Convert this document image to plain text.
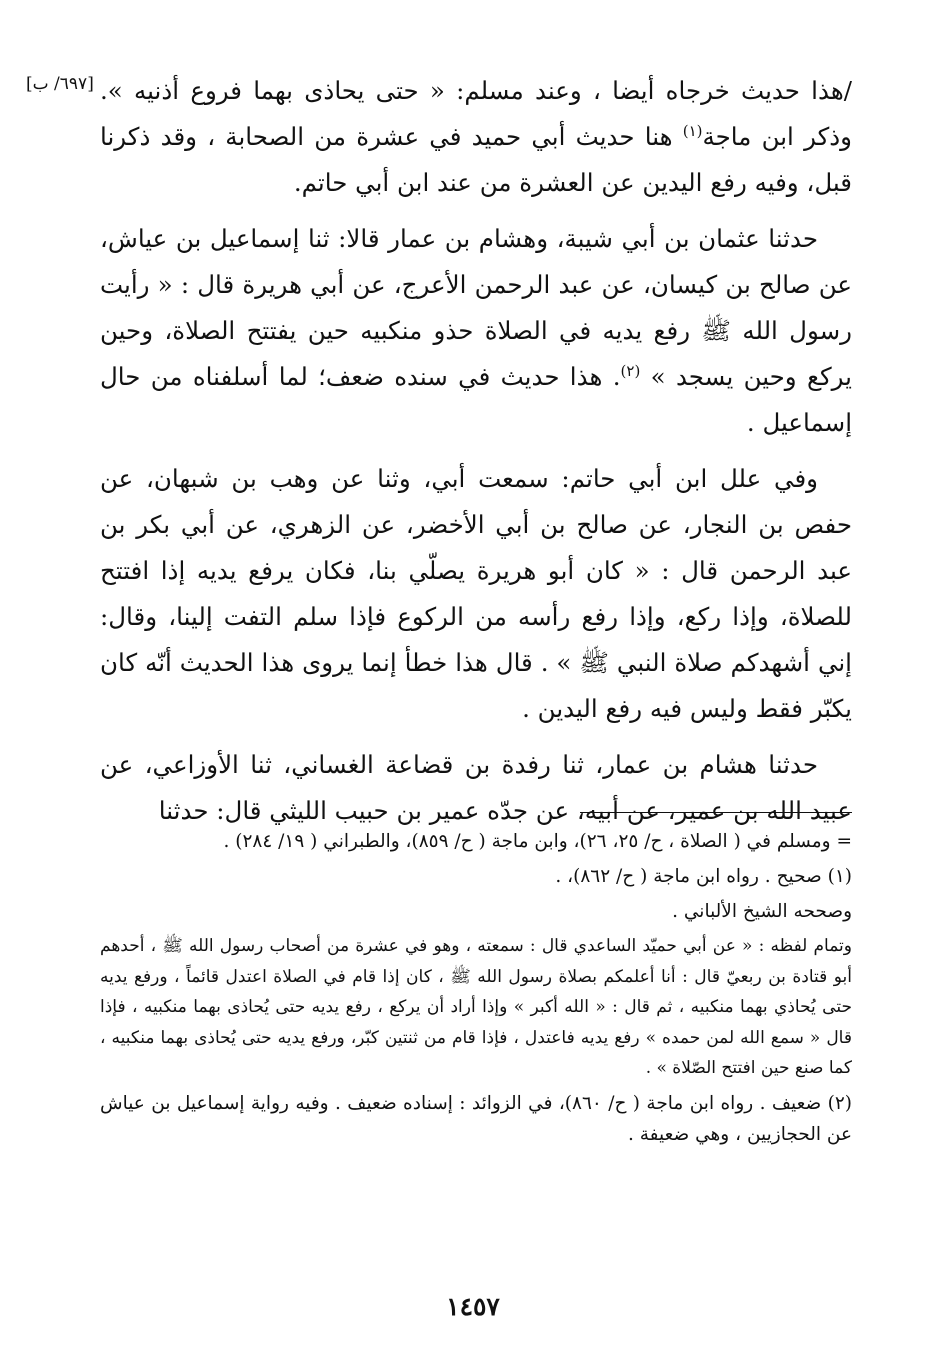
[٦٩٧/ ب] /هذا حديث خرجاه أيضا ، وعند مسلم: « حتى يحاذى بهما فروع أذنيه ». وذكر ابن ماجة$^{(١)}$ هنا حديث أبي حميد في عشرة من الصحابة ، وقد ذكرنا قبل، وفيه رفع اليدين عن العشرة من عند ابن أبي حاتم.

حدثنا عثمان بن أبي شيبة، وهشام بن عمار قالا: ثنا إسماعيل بن عياش، عن صالح بن كيسان، عن عبد الرحمن الأعرج، عن أبي هريرة قال : « رأيت رسول الله ﷺ رفع يديه في الصلاة حذو منكبيه حين يفتتح الصلاة، وحين يركع وحين يسجد » $^{(٢)}$. هذا حديث في سنده ضعف؛ لما أسلفناه من حال إسماعيل .

وفي علل ابن أبي حاتم: سمعت أبي، وثنا عن وهب بن شبهان، عن حفص بن النجار، عن صالح بن أبي الأخضر، عن الزهري، عن أبي بكر بن عبد الرحمن قال : « كان أبو هريرة يصلّي بنا، فكان يرفع يديه إذا افتتح للصلاة، وإذا ركع، وإذا رفع رأسه من الركوع فإذا سلم التفت إلينا، وقال: إني أشهدكم صلاة النبي ﷺ » . قال هذا خطأ إنما يروى هذا الحديث أنّه كان يكبّر فقط وليس فيه رفع اليدين .

حدثنا هشام بن عمار، ثنا رفدة بن قضاعة الغساني، ثنا الأوزاعي، عن عبيد الله بن عمير، عن أبيه، عن جدّه عمير بن حبيب الليثي قال: حدثنا

= ومسلم في ( الصلاة ، ح/ ٢٥، ٢٦)، وابن ماجة ( ح/ ٨٥٩)، والطبراني ( ١٩/ ٢٨٤) .

(١) صحيح . رواه ابن ماجة ( ح/ ٨٦٢)، .

وصححه الشيخ الألباني .

وتمام لفظه : « عن أبي حميّد الساعدي قال : سمعته ، وهو في عشرة من أصحاب رسول الله ﷺ ، أحدهم أبو قتادة بن ربعيّ قال : أنا أعلمكم بصلاة رسول الله ﷺ ، كان إذا قام في الصلاة اعتدل قائماً ، ورفع يديه حتى يُحاذي بهما منكبيه ، ثم قال : « الله أكبر » وإذا أراد أن يركع ، رفع يديه حتى يُحاذى بهما منكبيه ، فإذا قال « سمع الله لمن حمده » رفع يديه فاعتدل ، فإذا قام من ثنتين كبّر، ورفع يديه حتى يُحاذى بهما منكبيه ، كما صنع حين افتتح الصّلاة » .

(٢) ضعيف . رواه ابن ماجة ( ح/ ٨٦٠)، في الزوائد : إسناده ضعيف . وفيه رواية إسماعيل بن عياش عن الحجازيين ، وهي ضعيفة .

١٤٥٧
